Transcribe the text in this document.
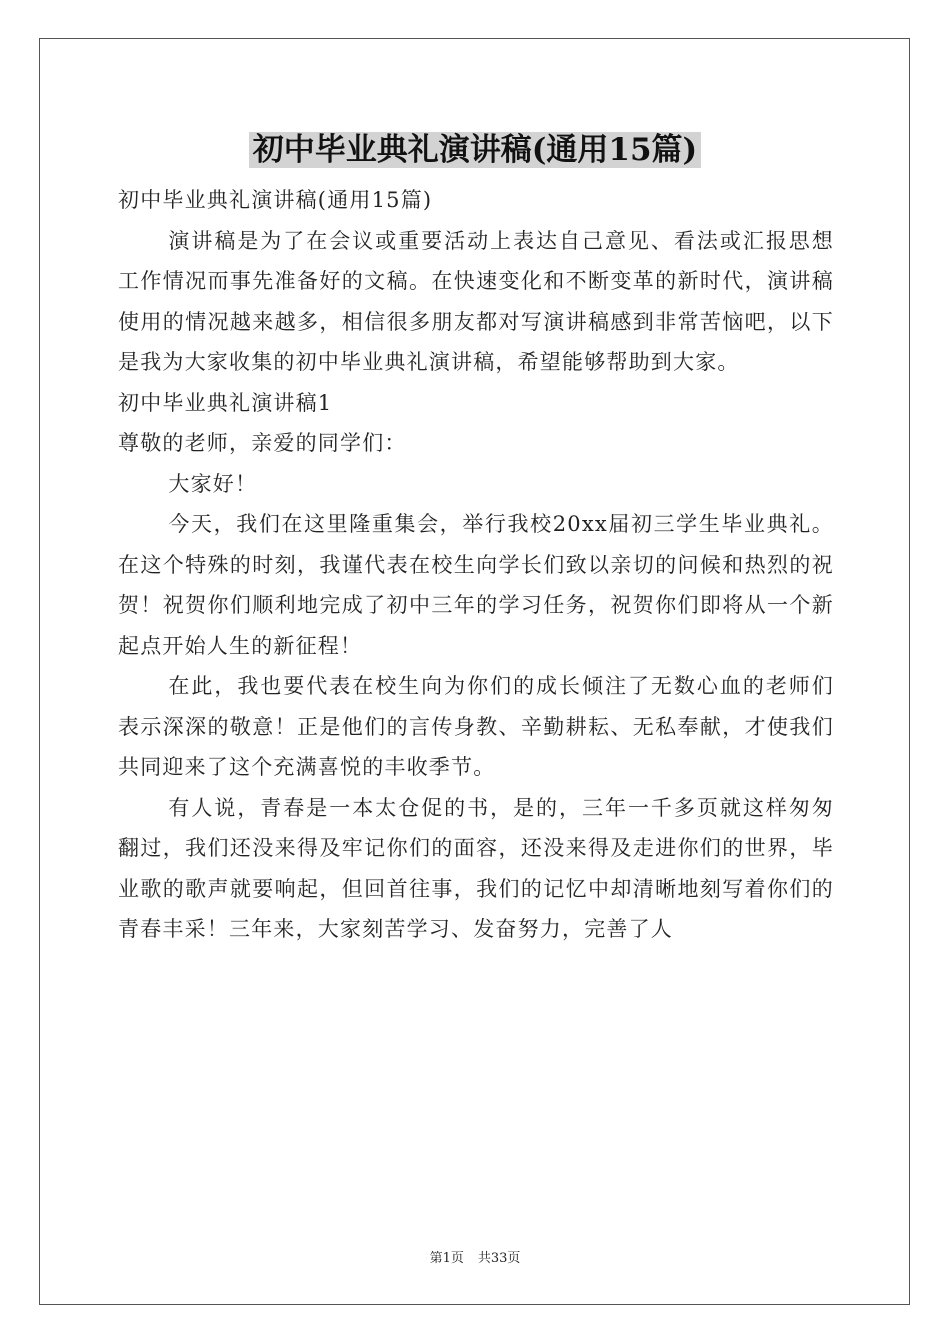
初中毕业典礼演讲稿(通用15篇)

初中毕业典礼演讲稿(通用15篇)

演讲稿是为了在会议或重要活动上表达自己意见、看法或汇报思想工作情况而事先准备好的文稿。在快速变化和不断变革的新时代，演讲稿使用的情况越来越多，相信很多朋友都对写演讲稿感到非常苦恼吧，以下是我为大家收集的初中毕业典礼演讲稿，希望能够帮助到大家。

初中毕业典礼演讲稿1

尊敬的老师，亲爱的同学们：

大家好！

今天，我们在这里隆重集会，举行我校20xx届初三学生毕业典礼。在这个特殊的时刻，我谨代表在校生向学长们致以亲切的问候和热烈的祝贺！祝贺你们顺利地完成了初中三年的学习任务，祝贺你们即将从一个新起点开始人生的新征程！

在此，我也要代表在校生向为你们的成长倾注了无数心血的老师们表示深深的敬意！正是他们的言传身教、辛勤耕耘、无私奉献，才使我们共同迎来了这个充满喜悦的丰收季节。

有人说，青春是一本太仓促的书，是的，三年一千多页就这样匆匆翻过，我们还没来得及牢记你们的面容，还没来得及走进你们的世界，毕业歌的歌声就要响起，但回首往事，我们的记忆中却清晰地刻写着你们的青春丰采！三年来，大家刻苦学习、发奋努力，完善了人

第1页 共33页
